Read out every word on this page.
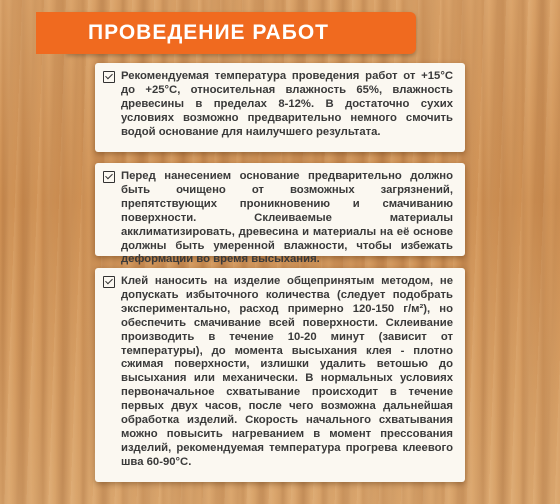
ПРОВЕДЕНИЕ РАБОТ

Рекомендуемая температура проведения работ от +15°С до +25°С, относительная влажность 65%, влажность древесины в пределах 8-12%. В достаточно сухих условиях возможно предварительно немного смочить водой основание для наилучшего результата.

Перед нанесением основание предварительно должно быть очищено от возможных загрязнений, препятствующих проникновению и смачиванию поверхности. Склеиваемые материалы акклиматизировать, древесина и материалы на её основе должны быть умеренной влажности, чтобы избежать деформации во время высыхания.

Клей наносить на изделие общепринятым методом, не допускать избыточного количества (следует подобрать экспериментально, расход примерно 120-150 г/м²), но обеспечить смачивание всей поверхности. Склеивание производить в течение 10-20 минут (зависит от температуры), до момента высыхания клея - плотно сжимая поверхности, излишки удалить ветошью до высыхания или механически. В нормальных условиях первоначальное схватывание происходит в течение первых двух часов, после чего возможна дальнейшая обработка изделий. Скорость начального схватывания можно повысить нагреванием в момент прессования изделий, рекомендуемая температура прогрева клеевого шва 60-90°С.
